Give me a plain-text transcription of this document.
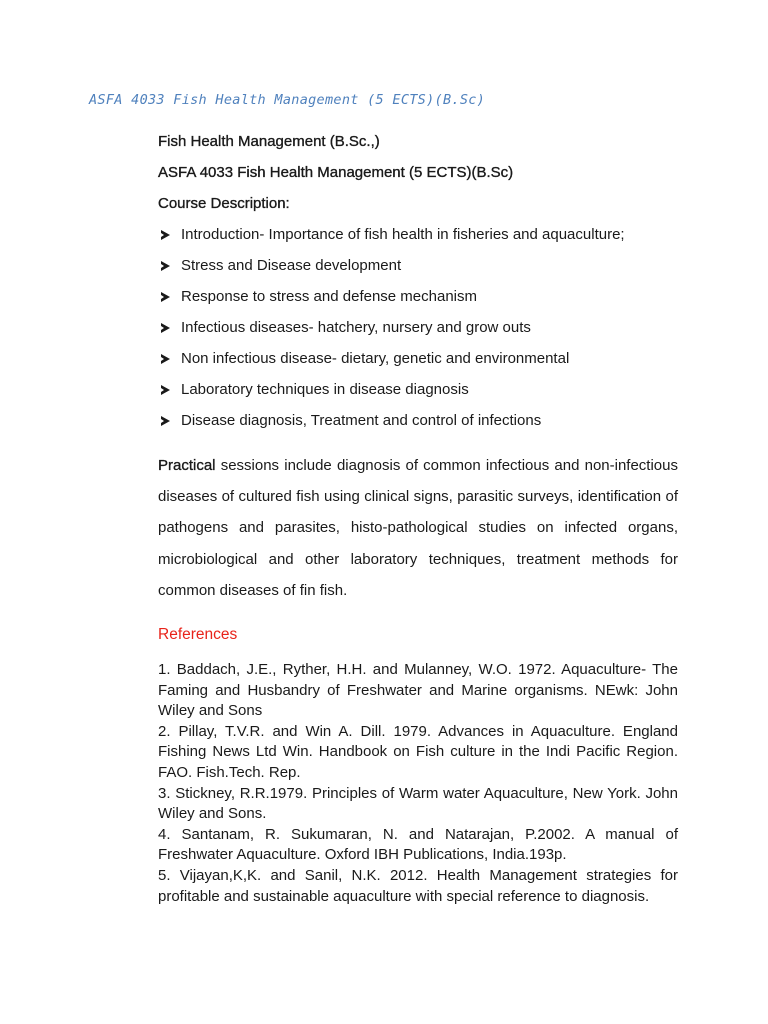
ASFA 4033 Fish Health Management (5 ECTS)(B.Sc)
Fish Health Management (B.Sc.,)
ASFA 4033 Fish Health Management (5 ECTS)(B.Sc)
Course Description:
Introduction- Importance of fish health in fisheries and aquaculture;
Stress and Disease development
Response to stress and defense mechanism
Infectious diseases- hatchery, nursery and grow outs
Non infectious disease- dietary, genetic and environmental
Laboratory techniques in disease diagnosis
Disease diagnosis, Treatment and control of infections

Practical sessions include diagnosis of common infectious and non-infectious diseases of cultured fish using clinical signs, parasitic surveys, identification of pathogens and parasites, histo-pathological studies on infected organs, microbiological and other laboratory techniques, treatment methods for common diseases of fin fish.

References

1. Baddach, J.E., Ryther, H.H. and Mulanney, W.O. 1972. Aquaculture- The Faming and Husbandry of Freshwater and Marine organisms. NEwk: John Wiley and Sons

2. Pillay, T.V.R. and Win A. Dill. 1979. Advances in Aquaculture. England Fishing News Ltd Win. Handbook on Fish culture in the Indi Pacific Region. FAO. Fish.Tech. Rep.

3. Stickney, R.R.1979. Principles of Warm water Aquaculture, New York. John Wiley and Sons.

4. Santanam, R. Sukumaran, N. and Natarajan, P.2002. A manual of Freshwater Aquaculture. Oxford IBH Publications, India.193p.

5. Vijayan,K,K. and Sanil, N.K. 2012. Health Management strategies for profitable and sustainable aquaculture with special reference to diagnosis.
